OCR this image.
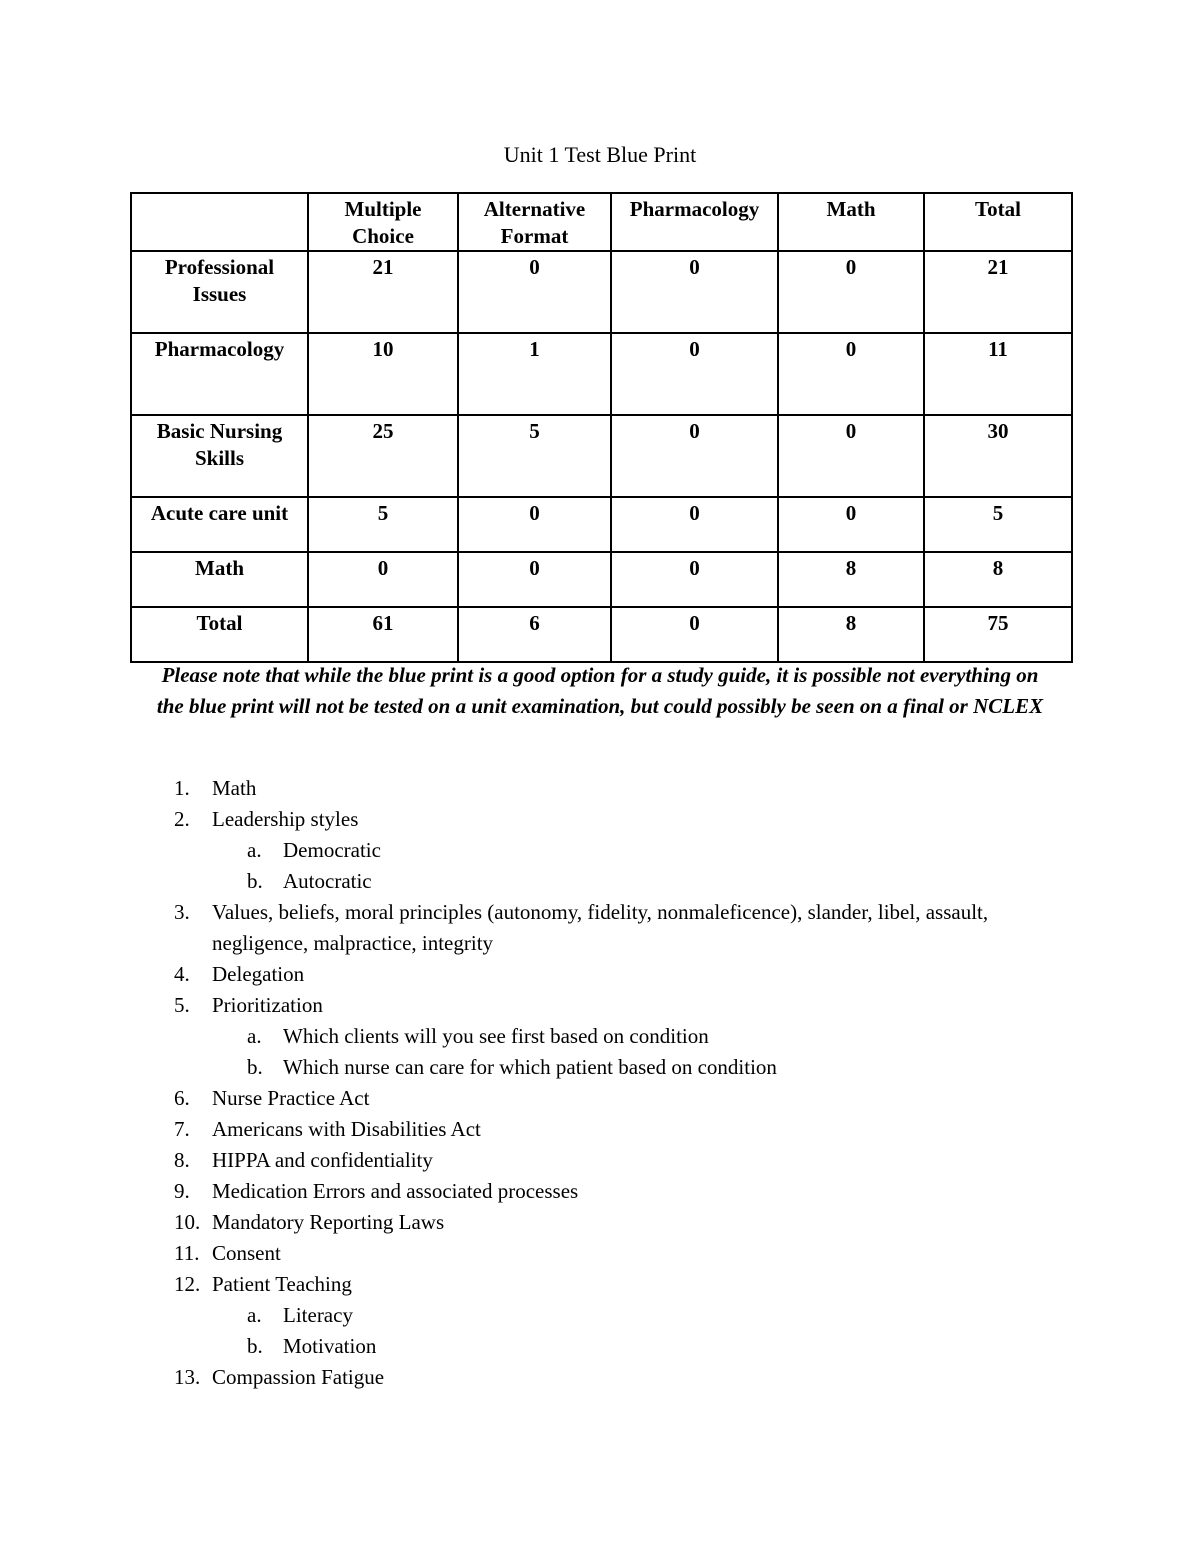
Unit 1 Test Blue Print
	Multiple Choice	Alternative Format	Pharmacology	Math	Total
Professional Issues	21	0	0	0	21
Pharmacology	10	1	0	0	11
Basic Nursing Skills	25	5	0	0	30
Acute care unit	5	0	0	0	5
Math	0	0	0	8	8
Total	61	6	0	8	75
Please note that while the blue print is a good option for a study guide, it is possible not everything on the blue print will not be tested on a unit examination, but could possibly be seen on a final or NCLEX
1. Math
2. Leadership styles
a. Democratic
b. Autocratic
3. Values, beliefs, moral principles (autonomy, fidelity, nonmaleficence), slander, libel, assault, negligence, malpractice, integrity
4. Delegation
5. Prioritization
a. Which clients will you see first based on condition
b. Which nurse can care for which patient based on condition
6. Nurse Practice Act
7. Americans with Disabilities Act
8. HIPPA and confidentiality
9. Medication Errors and associated processes
10. Mandatory Reporting Laws
11. Consent
12. Patient Teaching
a. Literacy
b. Motivation
13. Compassion Fatigue
